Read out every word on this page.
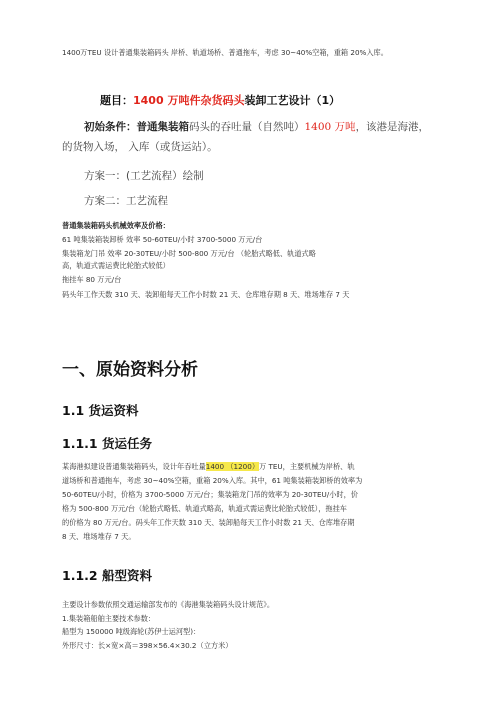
1400万TEU 设计普通集装箱码头 岸桥、轨道场桥、普通拖车，考虑 30~40%空箱，重箱 20%入库。
题目：1400 万吨件杂货码头装卸工艺设计（1）
初始条件：普通集装箱码头的吞吐量（自然吨）1400 万吨，该港是海港， 的货物入场， 入库（或货运站）。
方案一：(工艺流程）绘制
方案二：工艺流程
普通集装箱码头机械效率及价格：
61 吨集装箱装卸桥 效率 50-60TEU/小时 3700-5000 万元/台
集装箱龙门吊 效率 20-30TEU/小时 500-800 万元/台 （轮胎式略低、轨道式略
高，轨道式需运费比轮胎式较低）
拖挂车 80 万元/台
码头年工作天数 310 天、装卸船每天工作小时数 21 天、仓库堆存期 8 天、堆场堆存 7 天
一、原始资料分析
1.1 货运资料
1.1.1 货运任务
某海港拟建设普通集装箱码头，设计年吞吐量1400 （1200）万 TEU，主要机械为岸桥、轨
道场桥和普通拖车，考虑 30~40%空箱，重箱 20%入库。其中，61 吨集装箱装卸桥的效率为
50-60TEU/小时，价格为 3700-5000 万元/台；集装箱龙门吊的效率为 20-30TEU/小时，价
格为 500-800 万元/台（轮胎式略低、轨道式略高，轨道式需运费比轮胎式较低），拖挂车
的价格为 80 万元/台。码头年工作天数 310 天、装卸船每天工作小时数 21 天、仓库堆存期
8 天、堆场堆存 7 天。
1.1.2 船型资料
主要设计参数依照交通运输部发布的《海港集装箱码头设计规范》。
1.集装箱船舶主要技术参数：
船型为 150000 吨级海轮(苏伊士运河型)：
外形尺寸：长×宽×高＝398×56.4×30.2（立方米）
